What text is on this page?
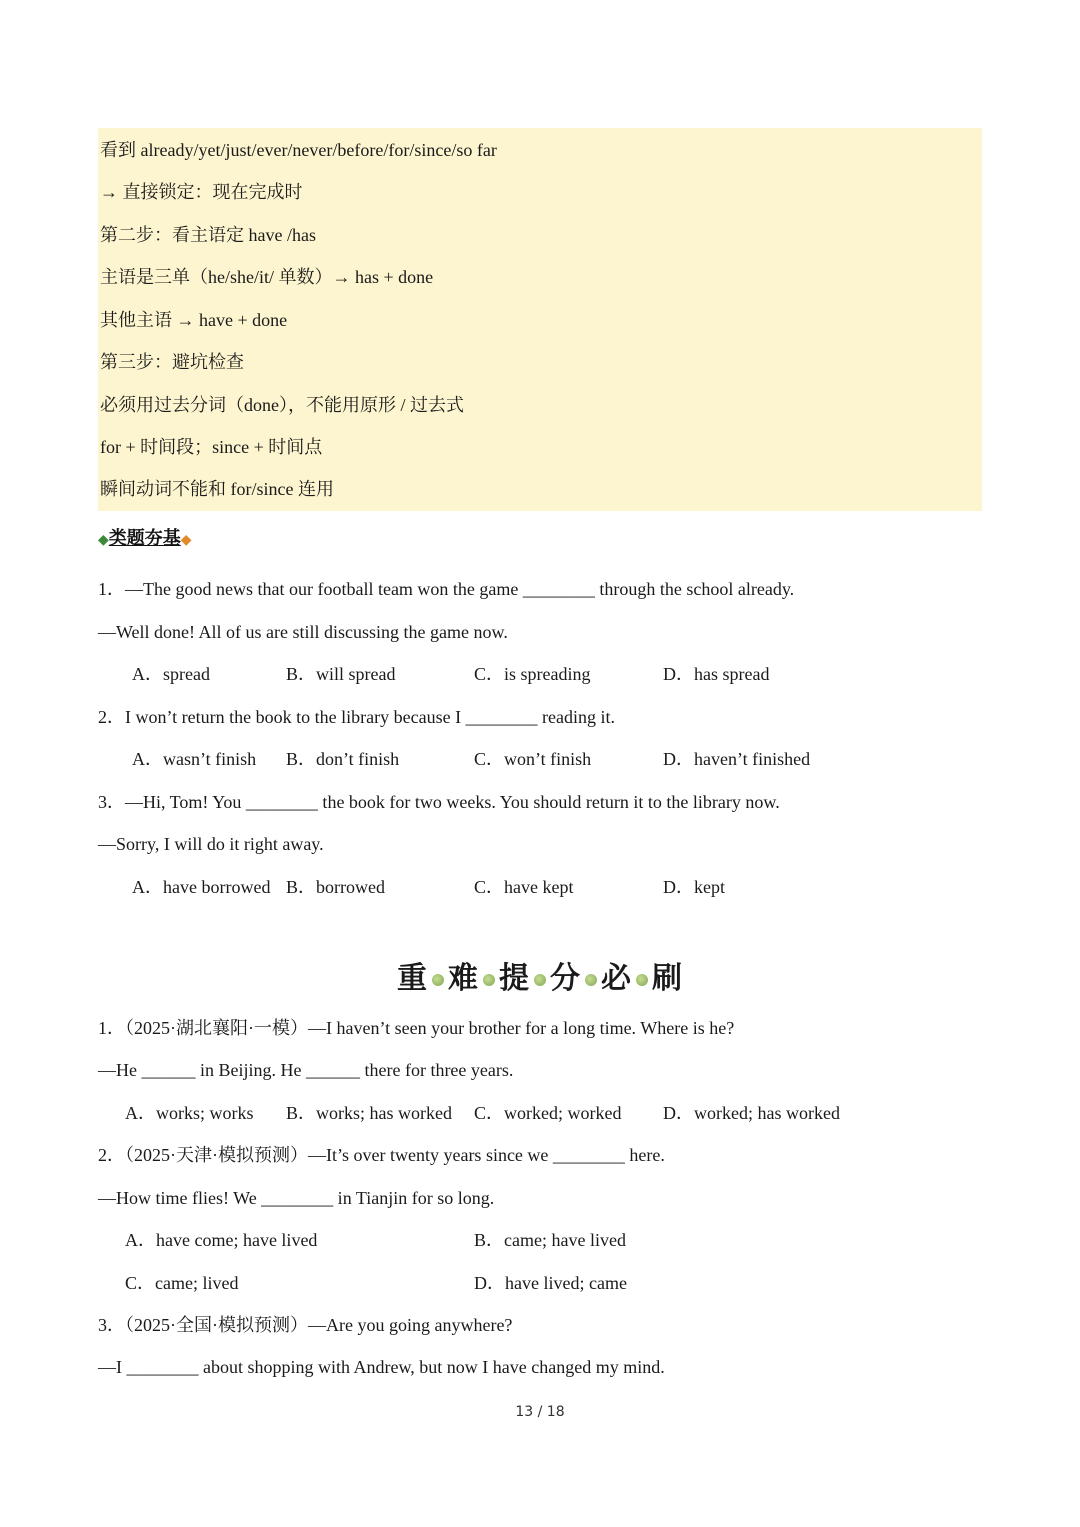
看到 already/yet/just/ever/never/before/for/since/so far
→ 直接锁定：现在完成时
第二步：看主语定 have /has
主语是三单（he/she/it/ 单数）→ has + done
其他主语 → have + done
第三步：避坑检查
必须用过去分词（done），不能用原形 / 过去式
for + 时间段；since + 时间点
瞬间动词不能和 for/since 连用
◆类题夯基◆
1．—The good news that our football team won the game ________ through the school already.
—Well done! All of us are still discussing the game now.
A．spread	B．will spread	C．is spreading	D．has spread
2．I won’t return the book to the library because I ________ reading it.
A．wasn’t finish B．don’t finish	C．won’t finish	D．haven’t finished
3．—Hi, Tom! You ________ the book for two weeks. You should return it to the library now.
—Sorry, I will do it right away.
A．have borrowed B．borrowed	C．have kept	D．kept
重 难 提 分 必 刷
1．（2025·湖北襄阳·一模）—I haven’t seen your brother for a long time. Where is he?
—He ______ in Beijing. He ______ there for three years.
A．works; works B．works; has worked C．worked; worked D．worked; has worked
2．（2025·天津·模拟预测）—It’s over twenty years since we ________ here.
—How time flies! We ________ in Tianjin for so long.
A．have come; have lived	B．came; have lived
C．came; lived	D．have lived; came
3．（2025·全国·模拟预测）—Are you going anywhere?
—I ________ about shopping with Andrew, but now I have changed my mind.
13 / 18
